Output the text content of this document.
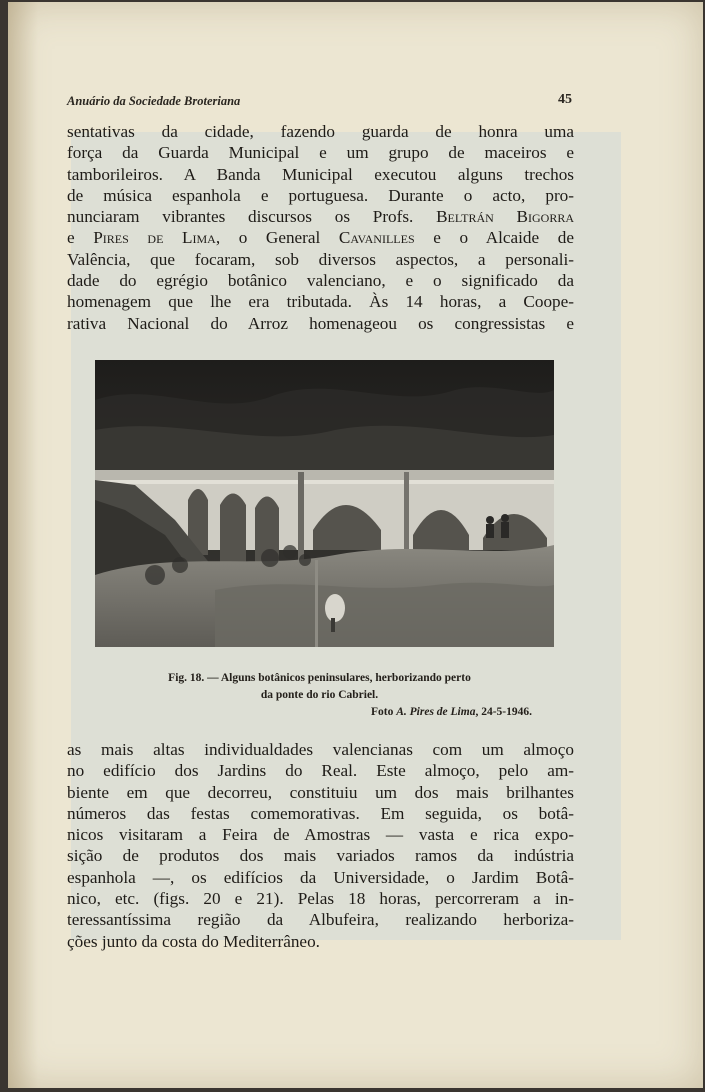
Anuário da Sociedade Broteriana	45
sentativas da cidade, fazendo guarda de honra uma
força da Guarda Municipal e um grupo de maceiros e
tamborileiros. A Banda Municipal executou alguns trechos
de música espanhola e portuguesa. Durante o acto, pro-
nunciaram vibrantes discursos os Profs. Beltrán Bigorra
e Pires de Lima, o General Cavanilles e o Alcaide de
Valência, que focaram, sob diversos aspectos, a personali-
dade do egrégio botânico valenciano, e o significado da
homenagem que lhe era tributada. Às 14 horas, a Coope-
rativa Nacional do Arroz homenageou os congressistas e
Fig. 18. — Alguns botânicos peninsulares, herborizando perto
da ponte do rio Cabriel.
Foto A. Pires de Lima, 24-5-1946.
as mais altas individualdades valencianas com um almoço
no edifício dos Jardins do Real. Este almoço, pelo am-
biente em que decorreu, constituiu um dos mais brilhantes
números das festas comemorativas. Em seguida, os botâ-
nicos visitaram a Feira de Amostras — vasta e rica expo-
sição de produtos dos mais variados ramos da indústria
espanhola —, os edifícios da Universidade, o Jardim Botâ-
nico, etc. (figs. 20 e 21). Pelas 18 horas, percorreram a in-
teressantíssima região da Albufeira, realizando herboriza-
ções junto da costa do Mediterrâneo.
